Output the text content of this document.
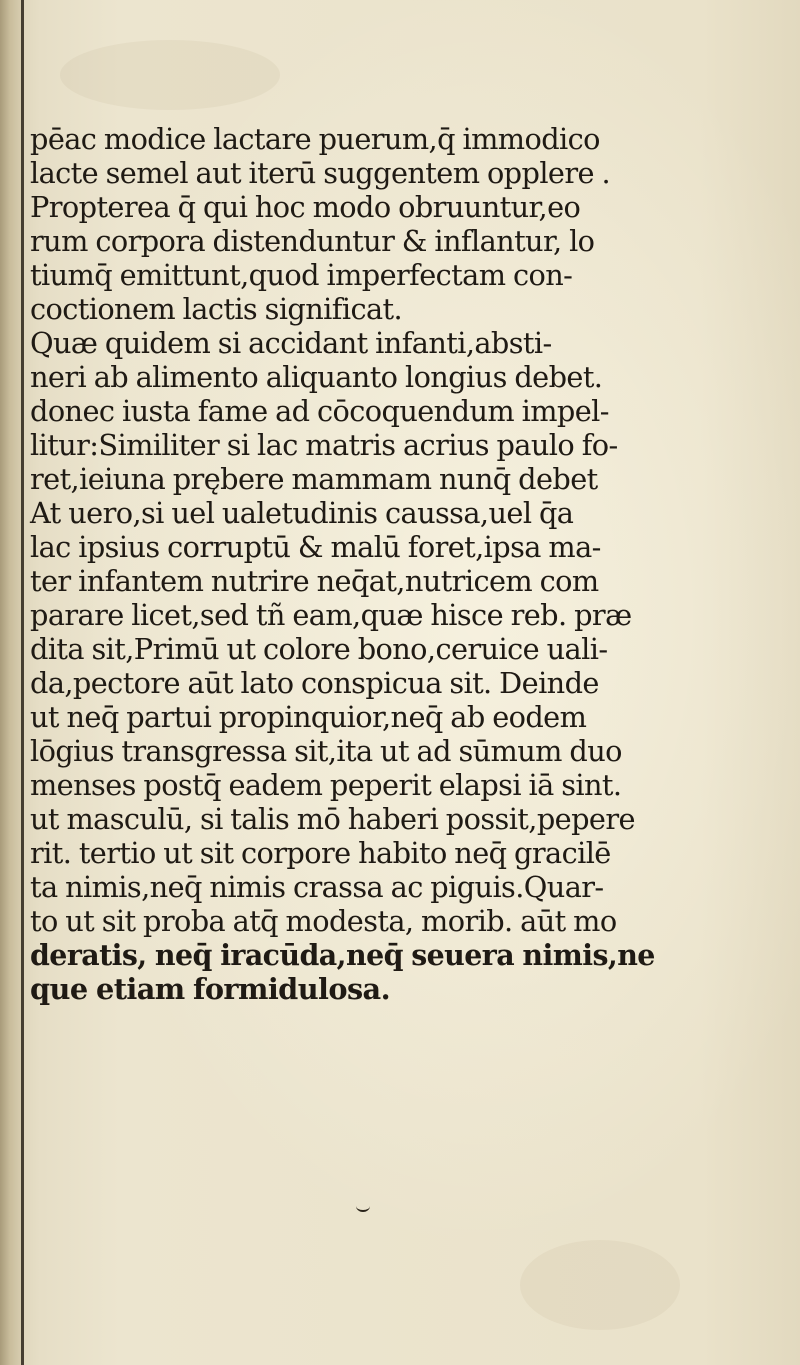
pēac modice lactare puerum,q̄ immodico
lacte semel aut iterū suggentem opplere .
Propterea q̄ qui hoc modo obruuntur,eo
rum corpora distenduntur & inflantur, lo
tiumq̄ emittunt,quod imperfectam con-
coctionem lactis significat.
Quæ quidem si accidant infanti,absti-
neri ab alimento aliquanto longius debet.
donec iusta fame ad cōcoquendum impel-
litur:Similiter si lac matris acrius paulo fo-
ret,ieiuna prębere mammam nunq̄ debet
At uero,si uel ualetudinis caussa,uel q̄a
lac ipsius corruptū & malū foret,ipsa ma-
ter infantem nutrire neq̄at,nutricem com
parare licet,sed tñ eam,quæ hisce reb. præ
dita sit,Primū ut colore bono,ceruice uali-
da,pectore aūt lato conspicua sit. Deinde
ut neq̄ partui propinquior,neq̄ ab eodem
lōgius transgressa sit,ita ut ad sūmum duo
menses postq̄ eadem peperit elapsi iā sint.
ut masculū, si talis mō haberi possit,pepere
rit. tertio ut sit corpore habito neq̄ gracilē
ta nimis,neq̄ nimis crassa ac piguis.Quar-
to ut sit proba atq̄ modesta, morib. aūt mo
deratis, neq̄ iracūda,neq̄ seuera nimis,ne
que etiam formidulosa.
